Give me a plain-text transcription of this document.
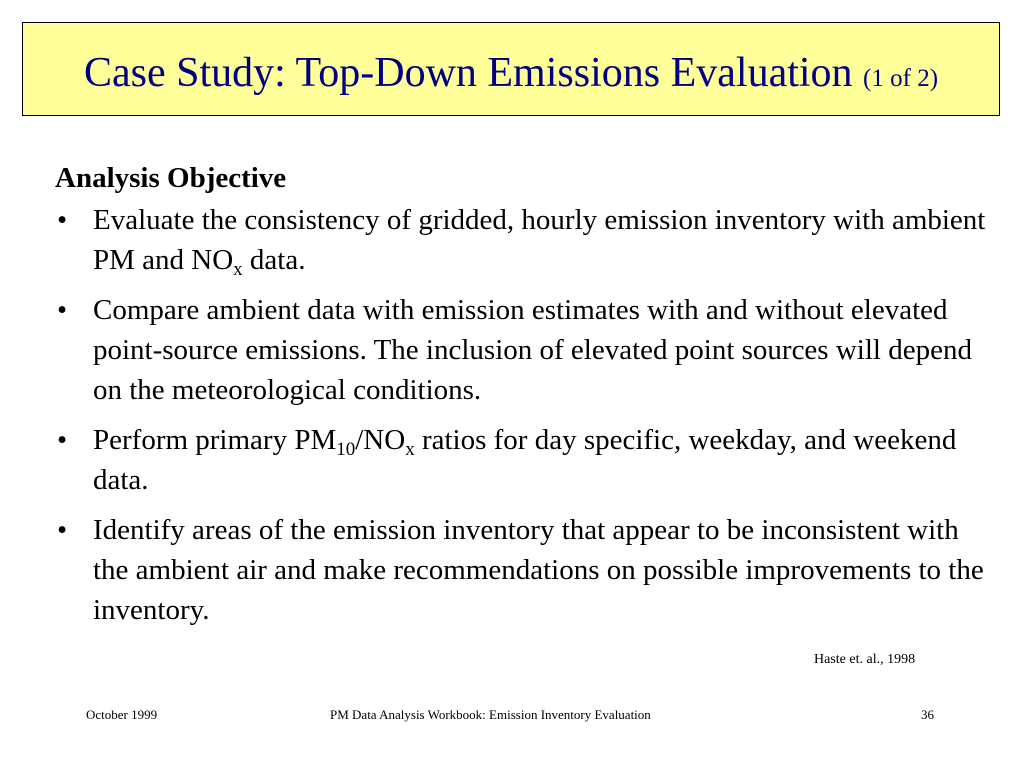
Case Study: Top-Down Emissions Evaluation (1 of 2)

Analysis Objective

• Evaluate the consistency of gridded, hourly emission inventory with ambient PM and $NO_x$ data.
• Compare ambient data with emission estimates with and without elevated point-source emissions. The inclusion of elevated point sources will depend on the meteorological conditions.
• Perform primary $PM_{10}/NO_x$ ratios for day specific, weekday, and weekend data.
• Identify areas of the emission inventory that appear to be inconsistent with the ambient air and make recommendations on possible improvements to the inventory.
Haste et. al., 1998
October 1999	PM Data Analysis Workbook: Emission Inventory Evaluation	36
